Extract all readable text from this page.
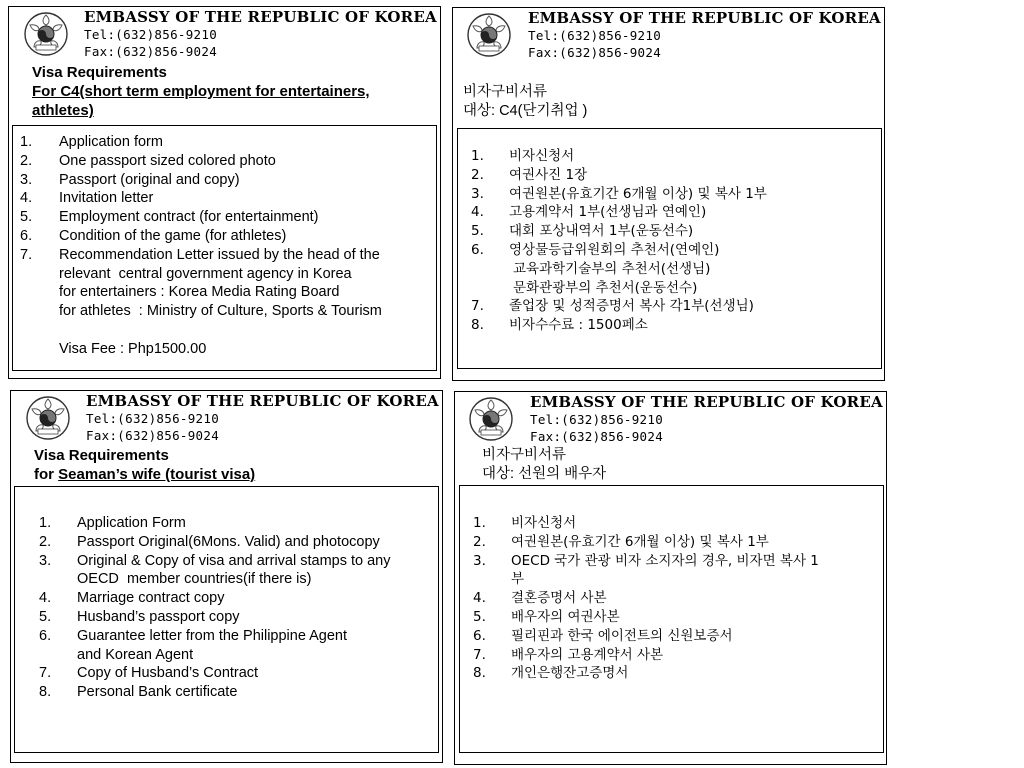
EMBASSY OF THE REPUBLIC OF KOREA
Tel:(632)856-9210
Fax:(632)856-9024
Visa Requirements
For C4(short term employment for entertainers,
athletes)
1. Application form
2. One passport sized colored photo
3. Passport (original and copy)
4. Invitation letter
5. Employment contract (for entertainment)
6. Condition of the game (for athletes)
7. Recommendation Letter issued by the head of the
relevant  central government agency in Korea
for entertainers : Korea Media Rating Board
for athletes  : Ministry of Culture, Sports & Tourism
Visa Fee : Php1500.00
EMBASSY OF THE REPUBLIC OF KOREA
Tel:(632)856-9210
Fax:(632)856-9024
비자구비서류
대상: C4(단기취업 )
1. 비자신청서
2. 여권사진 1장
3. 여권원본(유효기간 6개월 이상) 및 복사 1부
4. 고용계약서 1부(선생님과 연예인)
5. 대회 포상내역서 1부(운동선수)
6. 영상물등급위원회의 추천서(연예인)
교육과학기술부의 추천서(선생님)
문화관광부의 추천서(운동선수)
7. 졸업장 및 성적증명서 복사 각1부(선생님)
8. 비자수수료 : 1500페소
EMBASSY OF THE REPUBLIC OF KOREA
Tel:(632)856-9210
Fax:(632)856-9024
Visa Requirements
for Seaman’s wife (tourist visa)
1. Application Form
2. Passport Original(6Mons. Valid) and photocopy
3. Original & Copy of visa and arrival stamps to any
OECD  member countries(if there is)
4. Marriage contract copy
5. Husband’s passport copy
6. Guarantee letter from the Philippine Agent
and Korean Agent
7. Copy of Husband’s Contract
8. Personal Bank certificate
EMBASSY OF THE REPUBLIC OF KOREA
Tel:(632)856-9210
Fax:(632)856-9024
비자구비서류
대상: 선원의 배우자
1. 비자신청서
2. 여권원본(유효기간 6개월 이상) 및 복사 1부
3. OECD 국가 관광 비자 소지자의 경우, 비자면 복사 1
부
4. 결혼증명서 사본
5. 배우자의 여권사본
6. 필리핀과 한국 에이전트의 신원보증서
7. 배우자의 고용계약서 사본
8. 개인은행잔고증명서
